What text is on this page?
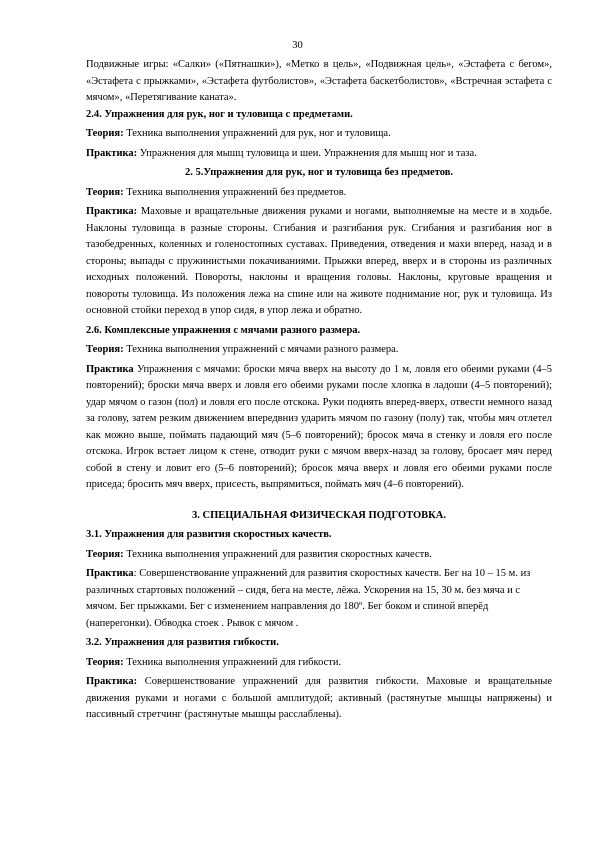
30

Подвижные игры: «Салки» («Пятнашки»), «Метко в цель», «Подвижная цель», «Эстафета с бегом», «Эстафета с прыжками», «Эстафета футболистов», «Эстафета баскетболистов», «Встречная эстафета с мячом», «Перетягивание каната».

2.4. Упражнения для рук, ног и туловища с предметами.

Теория: Техника выполнения упражнений для рук, ног и туловища.

Практика: Упражнения для мышц туловища и шеи. Упражнения для мышц ног и таза.

2. 5.Упражнения для рук, ног и туловища без предметов.

Теория: Техника выполнения упражнений без предметов.

Практика: Маховые и вращательные движения руками и ногами, выполняемые на месте и в ходьбе. Наклоны туловища в разные стороны. Сгибания и разгибания рук. Сгибания и разгибания ног в тазобедренных, коленных и голеностопных суставах. Приведения, отведения и махи вперед, назад и в стороны; выпады с пружинистыми покачиваниями. Прыжки вперед, вверх и в стороны из различных исходных положений. Повороты, наклоны и вращения головы. Наклоны, круговые вращения и повороты туловища. Из положения лежа на спине или на животе поднимание ног, рук и туловища. Из основной стойки переход в упор сидя, в упор лежа и обратно.

2.6. Комплексные упражнения с мячами разного размера.

Теория: Техника выполнения упражнений с мячами разного размера.

Практика Упражнения с мячами: броски мяча вверх на высоту до 1 м, ловля его обеими руками (4–5 повторений); броски мяча вверх и ловля его обеими руками после хлопка в ладоши (4–5 повторений); удар мячом о газон (пол) и ловля его после отскока. Руки поднять вперед-вверх, отвести немного назад за голову, затем резким движением впередвниз ударить мячом по газону (полу) так, чтобы мяч отлетел как можно выше, поймать падающий мяч (5–6 повторений); бросок мяча в стенку и ловля его после отскока. Игрок встает лицом к стене, отводит руки с мячом вверх-назад за голову, бросает мяч перед собой в стену и ловит его (5–6 повторений); бросок мяча вверх и ловля его обеими руками после приседа; бросить мяч вверх, присесть, выпрямиться, поймать мяч (4–6 повторений).

3. СПЕЦИАЛЬНАЯ ФИЗИЧЕСКАЯ ПОДГОТОВКА.

3.1. Упражнения для развития скоростных качеств.

Теория: Техника выполнения упражнений для развития скоростных качеств.

Практика: Совершенствование упражнений для развития скоростных качеств. Бег на 10 – 15 м. из различных стартовых положений – сидя, бега на месте, лёжа. Ускорения на 15, 30 м. без мяча и с мячом. Бег прыжками. Бег с изменением направления до 180º. Бег боком и спиной вперёд (наперегонки). Обводка стоек . Рывок с мячом .

3.2. Упражнения для развития гибкости.

Теория: Техника выполнения упражнений для гибкости.

Практика: Совершенствование упражнений для развития гибкости. Маховые и вращательные движения руками и ногами с большой амплитудой; активный (растянутые мышцы напряжены) и пассивный стретчинг (растянутые мышцы расслаблены).
